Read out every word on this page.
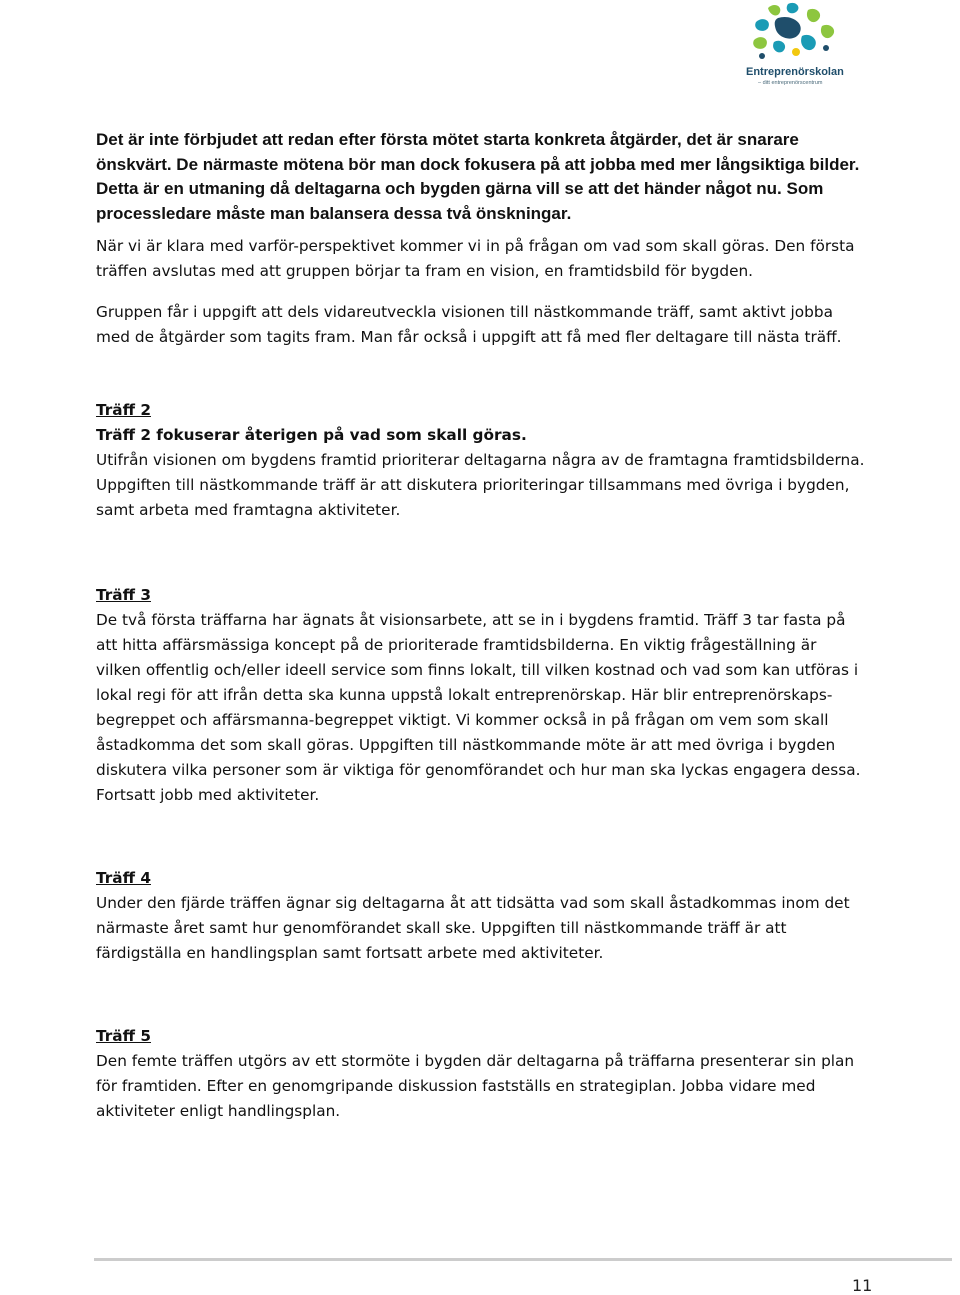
Entreprenörskolan
– ditt entreprenörscentrum

Det är inte förbjudet att redan efter första mötet starta konkreta åtgärder, det är snarare önskvärt. De närmaste mötena bör man dock fokusera på att jobba med mer långsiktiga bilder. Detta är en utmaning då deltagarna och bygden gärna vill se att det händer något nu. Som processledare måste man balansera dessa två önskningar.

När vi är klara med varför-perspektivet kommer vi in på frågan om vad som skall göras. Den första träffen avslutas med att gruppen börjar ta fram en vision, en framtidsbild för bygden.

Gruppen får i uppgift att dels vidareutveckla visionen till nästkommande träff, samt aktivt jobba med de åtgärder som tagits fram. Man får också i uppgift att få med fler deltagare till nästa träff.

Träff 2

Träff 2 fokuserar återigen på vad som skall göras.

Utifrån visionen om bygdens framtid prioriterar deltagarna några av de framtagna framtidsbilderna. Uppgiften till nästkommande träff är att diskutera prioriteringar tillsammans med övriga i bygden, samt arbeta med framtagna aktiviteter.

Träff 3

De två första träffarna har ägnats åt visionsarbete, att se in i bygdens framtid. Träff 3 tar fasta på att hitta affärsmässiga koncept på de prioriterade framtidsbilderna. En viktig frågeställning är vilken offentlig och/eller ideell service som finns lokalt, till vilken kostnad och vad som kan utföras i lokal regi för att ifrån detta ska kunna uppstå lokalt entreprenörskap. Här blir entreprenörskaps-begreppet och affärsmanna-begreppet viktigt. Vi kommer också in på frågan om vem som skall åstadkomma det som skall göras. Uppgiften till nästkommande möte är att med övriga i bygden diskutera vilka personer som är viktiga för genomförandet och hur man ska lyckas engagera dessa. Fortsatt jobb med aktiviteter.

Träff 4

Under den fjärde träffen ägnar sig deltagarna åt att tidsätta vad som skall åstadkommas inom det närmaste året samt hur genomförandet skall ske. Uppgiften till nästkommande träff är att färdigställa en handlingsplan samt fortsatt arbete med aktiviteter.

Träff 5

Den femte träffen utgörs av ett stormöte i bygden där deltagarna på träffarna presenterar sin plan för framtiden. Efter en genomgripande diskussion fastställs en strategiplan. Jobba vidare med aktiviteter enligt handlingsplan.

11
